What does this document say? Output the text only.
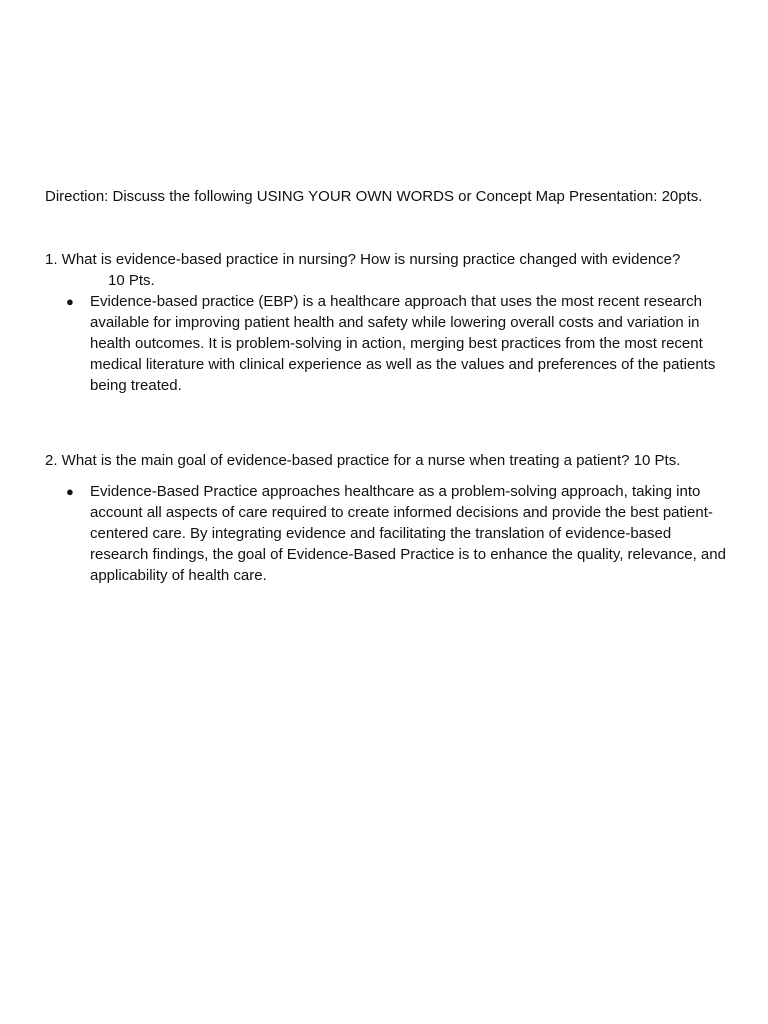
Direction: Discuss the following USING YOUR OWN WORDS or Concept Map Presentation: 20pts.
1. What is evidence-based practice in nursing? How is nursing practice changed with evidence?
10 Pts.
● Evidence-based practice (EBP) is a healthcare approach that uses the most recent research available for improving patient health and safety while lowering overall costs and variation in health outcomes. It is problem-solving in action, merging best practices from the most recent medical literature with clinical experience as well as the values and preferences of the patients being treated.

2. What is the main goal of evidence-based practice for a nurse when treating a patient? 10 Pts.
● Evidence-Based Practice approaches healthcare as a problem-solving approach, taking into account all aspects of care required to create informed decisions and provide the best patient-centered care. By integrating evidence and facilitating the translation of evidence-based research findings, the goal of Evidence-Based Practice is to enhance the quality, relevance, and applicability of health care.
